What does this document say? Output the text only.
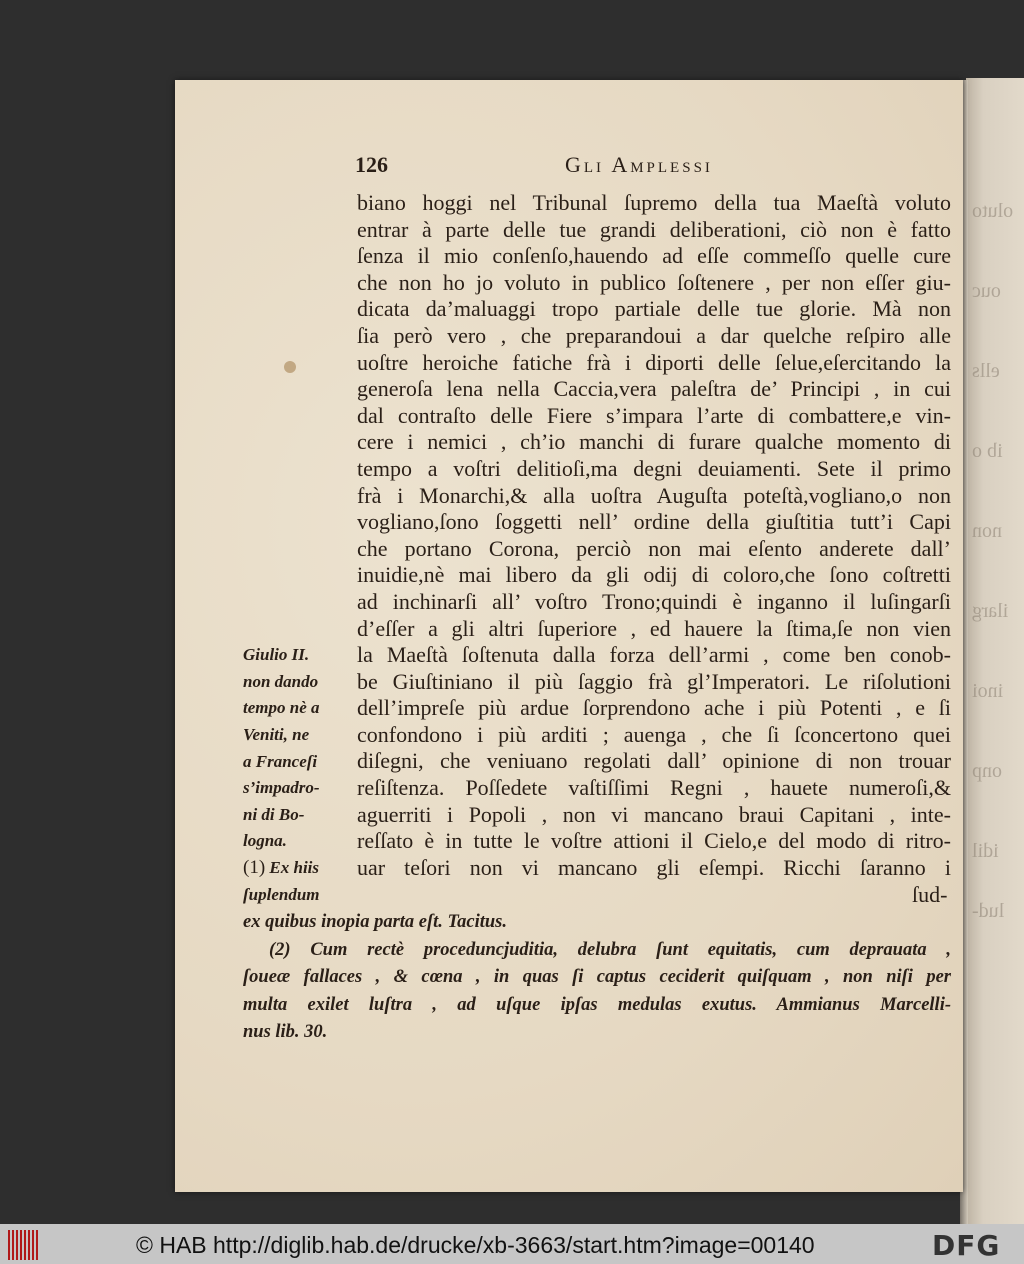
oluto
ouc
ells
ib o
non
ilarg
inoi
onp
idil
lud-
126	Gli Amplessi
biano hoggi nel Tribunal ſupremo della tua Maeſtà voluto
entrar à parte delle tue grandi deliberationi, ciò non è fatto
ſenza il mio conſenſo,hauendo ad eſſe commeſſo quelle cure
che non ho jo voluto in publico ſoſtenere , per non eſſer giu-
dicata da’maluaggi tropo partiale delle tue glorie. Mà non
ſia però vero , che preparandoui a dar quelche reſpiro alle
uoſtre heroiche fatiche frà i diporti delle ſelue,eſercitando la
generoſa lena nella Caccia,vera paleſtra de’ Principi , in cui
dal contraſto delle Fiere s’impara l’arte di combattere,e vin-
cere i nemici , ch’io manchi di furare qualche momento di
tempo a voſtri delitioſi,ma degni deuiamenti. Sete il primo
frà i Monarchi,& alla uoſtra Auguſta poteſtà,vogliano,o non
vogliano,ſono ſoggetti nell’ ordine della giuſtitia tutt’i Capi
che portano Corona, perciò non mai eſento anderete dall’
inuidie,nè mai libero da gli odij di coloro,che ſono coſtretti
ad inchinarſi all’ voſtro Trono;quindi è inganno il luſingarſi
d’eſſer a gli altri ſuperiore , ed hauere la ſtima,ſe non vien
la Maeſtà ſoſtenuta dalla forza dell’armi , come ben conob-
be Giuſtiniano il più ſaggio frà gl’Imperatori. Le riſolutioni
dell’impreſe più ardue ſorprendono ache i più Potenti , e ſi
confondono i più arditi ; auenga , che ſi ſconcertono quei
diſegni, che veniuano regolati dall’ opinione di non trouar
reſiſtenza. Poſſedete vaſtiſſimi Regni , hauete numeroſi,&
aguerriti i Popoli , non vi mancano braui Capitani , inte-
reſſato è in tutte le voſtre attioni il Cielo,e del modo di ritro-
uar teſori non vi mancano gli eſempi. Ricchi ſaranno i
Giulio II.
non dando
tempo nè a
Veniti, ne
a Franceſi
s’impadro-
ni di Bo-
logna.
(1) Ex hiis
ſuplendum	ſud-
ex quibus inopia parta eſt. Tacitus.
(2) Cum rectè proceduncjuditia, delubra ſunt equitatis, cum deprauata ,
ſoueæ fallaces , & cœna , in quas ſi captus ceciderit quiſquam , non niſi per
multa exilet luſtra , ad uſque ipſas medulas exutus. Ammianus Marcelli-
nus lib. 30.
© HAB http://diglib.hab.de/drucke/xb-3663/start.htm?image=00140	DFG
